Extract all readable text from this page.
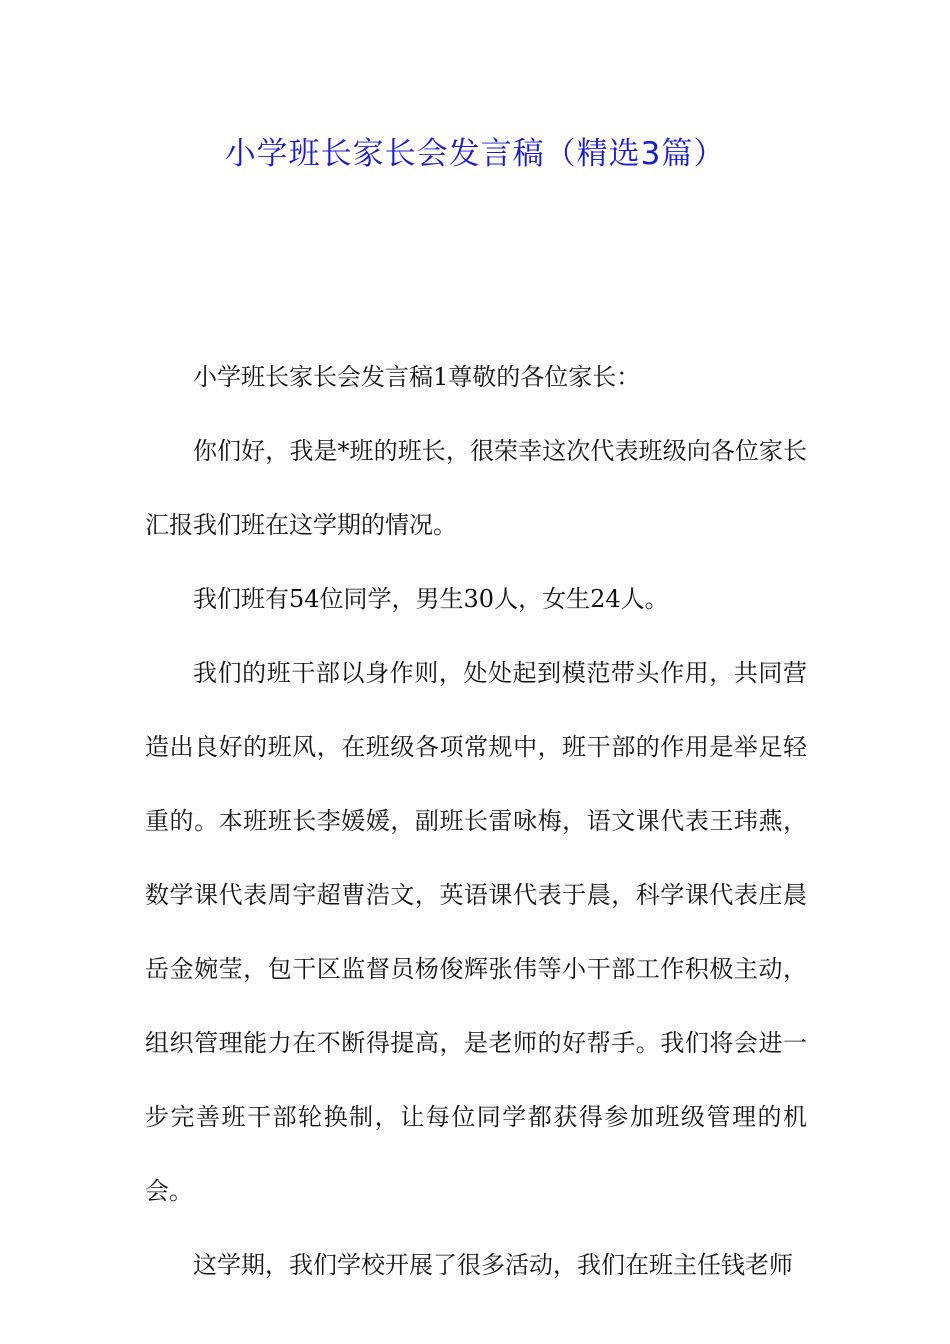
小学班长家长会发言稿（精选3篇）

小学班长家长会发言稿1尊敬的各位家长：

你们好，我是*班的班长，很荣幸这次代表班级向各位家长汇报我们班在这学期的情况。

我们班有54位同学，男生30人，女生24人。

我们的班干部以身作则，处处起到模范带头作用，共同营造出良好的班风，在班级各项常规中，班干部的作用是举足轻重的。本班班长李媛媛，副班长雷咏梅，语文课代表王玮燕，数学课代表周宇超曹浩文，英语课代表于晨，科学课代表庄晨岳金婉莹，包干区监督员杨俊辉张伟等小干部工作积极主动，组织管理能力在不断得提高，是老师的好帮手。我们将会进一步完善班干部轮换制，让每位同学都获得参加班级管理的机会。

这学期，我们学校开展了很多活动，我们在班主任钱老师
